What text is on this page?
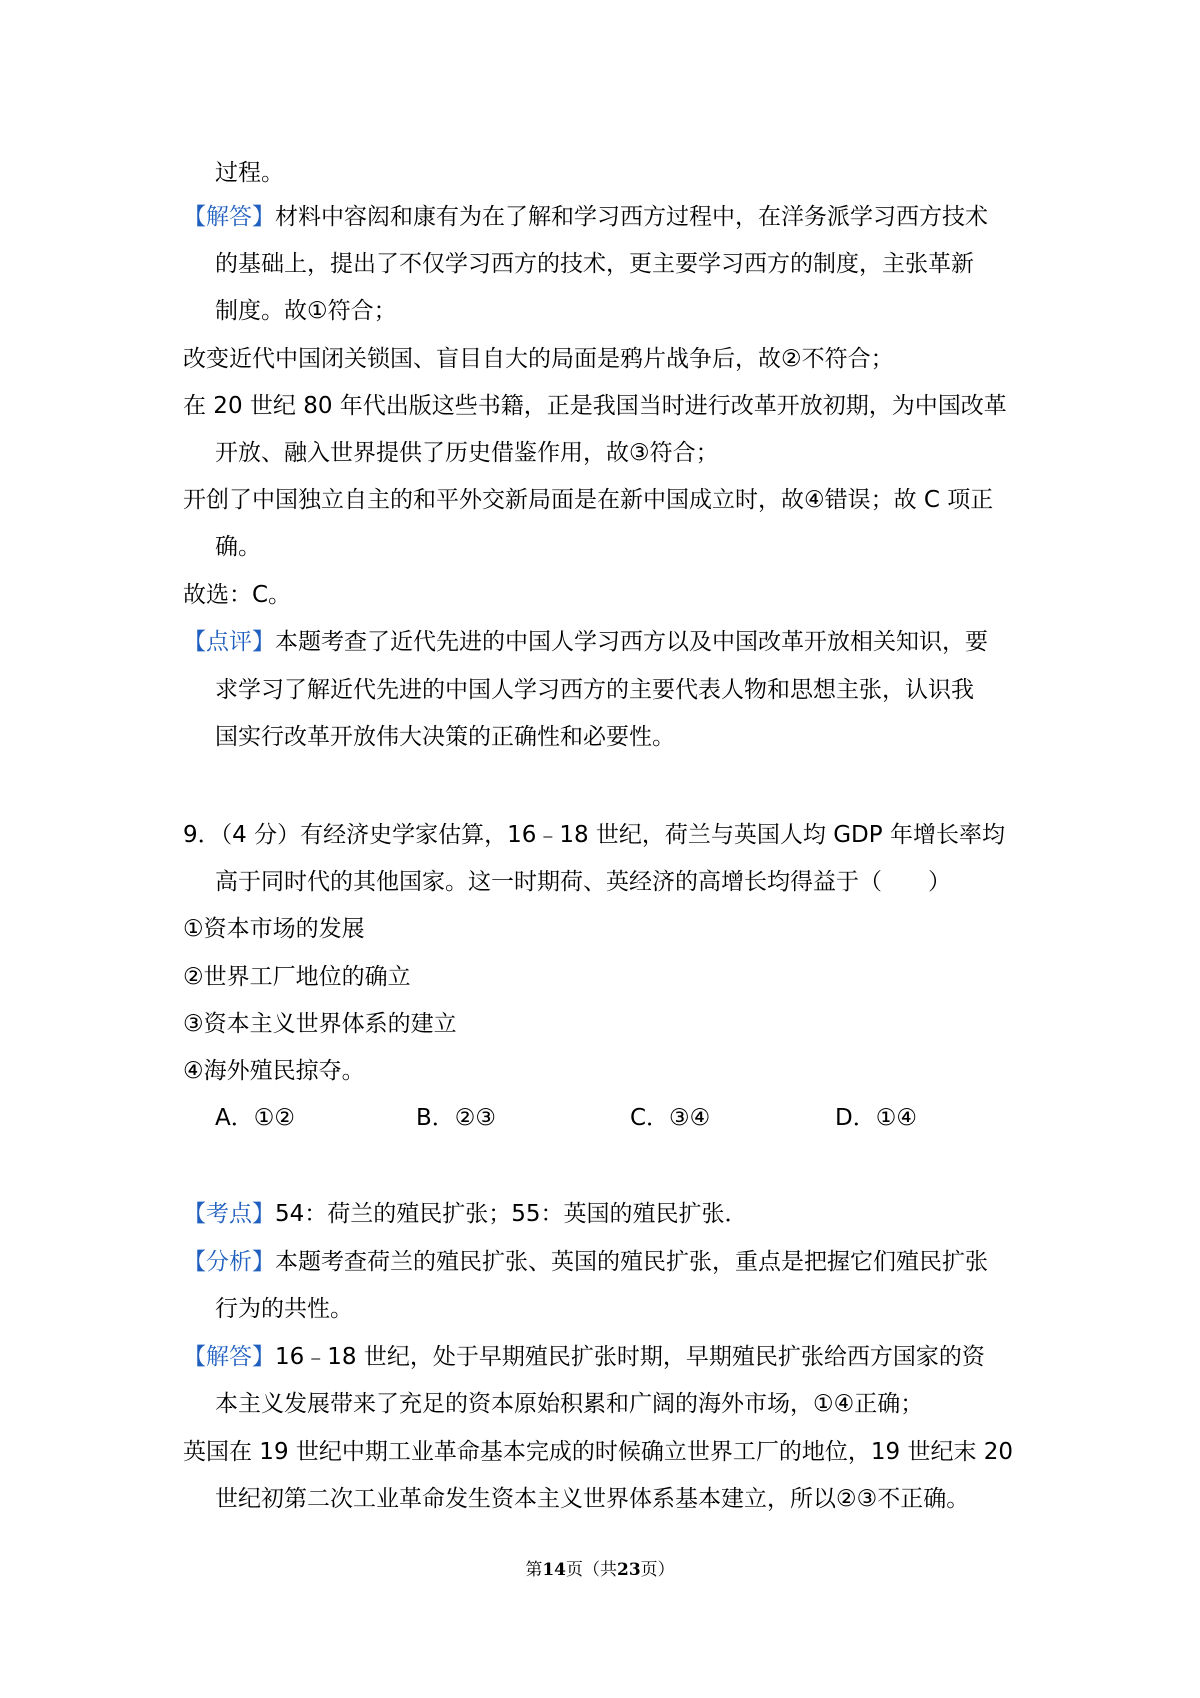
过程。
【解答】材料中容闳和康有为在了解和学习西方过程中，在洋务派学习西方技术
的基础上，提出了不仅学习西方的技术，更主要学习西方的制度，主张革新
制度。故①符合；
改变近代中国闭关锁国、盲目自大的局面是鸦片战争后，故②不符合；
在 20 世纪 80 年代出版这些书籍，正是我国当时进行改革开放初期，为中国改革
开放、融入世界提供了历史借鉴作用，故③符合；
开创了中国独立自主的和平外交新局面是在新中国成立时，故④错误；故 C 项正
确。
故选：C。
【点评】本题考查了近代先进的中国人学习西方以及中国改革开放相关知识，要
求学习了解近代先进的中国人学习西方的主要代表人物和思想主张，认识我
国实行改革开放伟大决策的正确性和必要性。
9．（4 分）有经济史学家估算，16﹣18 世纪，荷兰与英国人均 GDP 年增长率均
高于同时代的其他国家。这一时期荷、英经济的高增长均得益于（　　）
①资本市场的发展
②世界工厂地位的确立
③资本主义世界体系的建立
④海外殖民掠夺。
A．①②	B．②③	C．③④	D．①④
【考点】54：荷兰的殖民扩张；55：英国的殖民扩张．
【分析】本题考查荷兰的殖民扩张、英国的殖民扩张，重点是把握它们殖民扩张
行为的共性。
【解答】16﹣18 世纪，处于早期殖民扩张时期，早期殖民扩张给西方国家的资
本主义发展带来了充足的资本原始积累和广阔的海外市场，①④正确；
英国在 19 世纪中期工业革命基本完成的时候确立世界工厂的地位，19 世纪末 20
世纪初第二次工业革命发生资本主义世界体系基本建立，所以②③不正确。
第14页（共23页）
